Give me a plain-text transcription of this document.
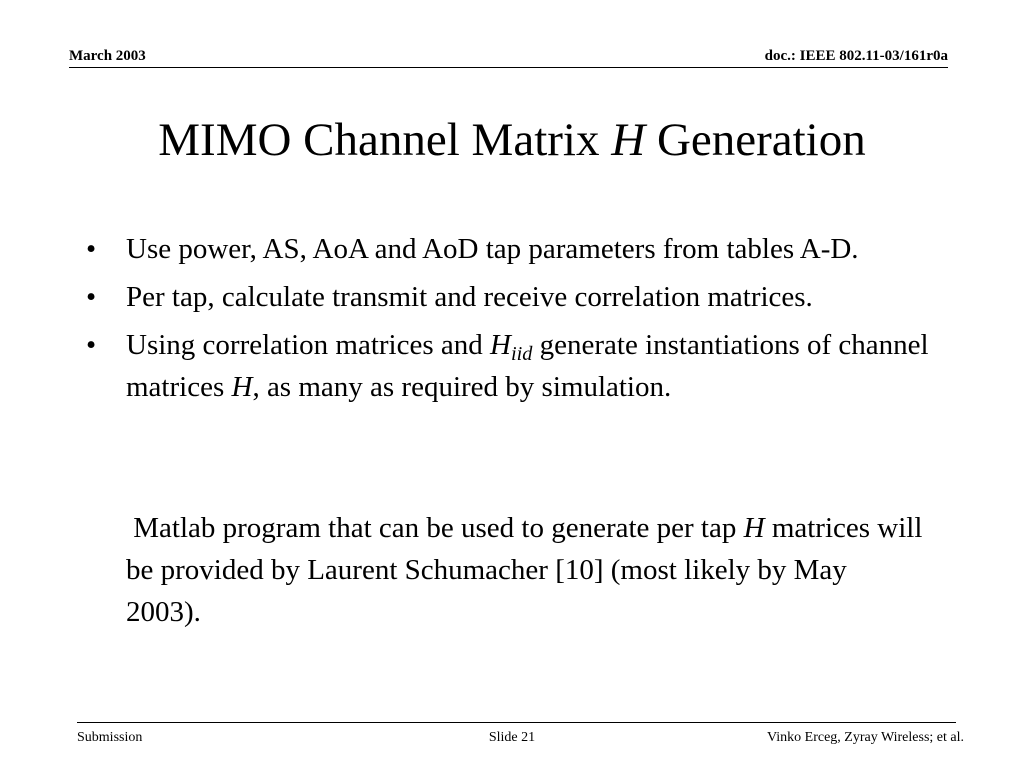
March 2003	doc.: IEEE 802.11-03/161r0a
MIMO Channel Matrix H Generation
• Use power, AS, AoA and AoD tap parameters from tables A-D.
• Per tap, calculate transmit and receive correlation matrices.
• Using correlation matrices and $H_{iid}$ generate instantiations of channel matrices H, as many as required by simulation.

Matlab program that can be used to generate per tap H matrices will be provided by Laurent Schumacher [10] (most likely by May 2003).

Submission	Slide 21	Vinko Erceg, Zyray Wireless; et al.
